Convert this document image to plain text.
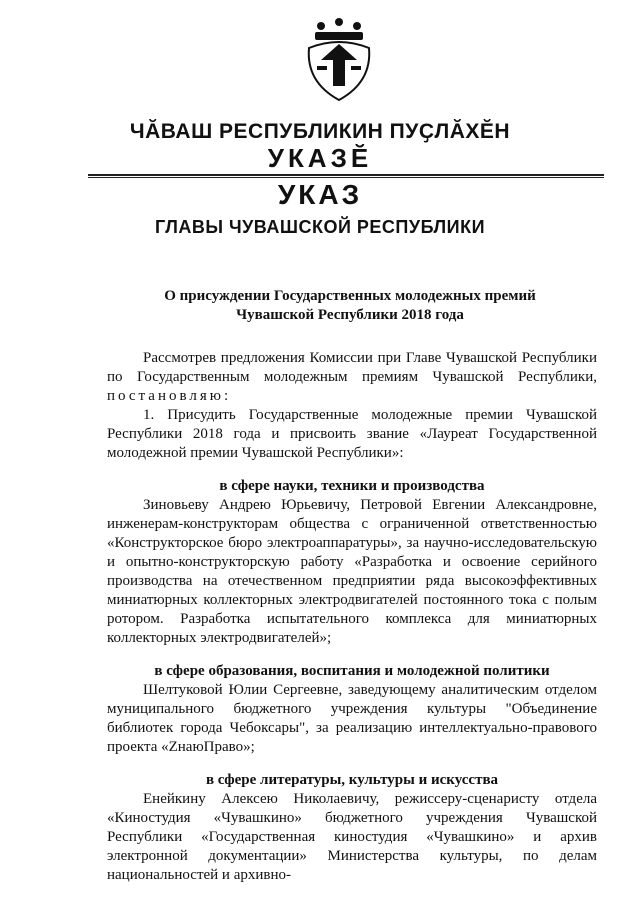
ЧӐВАШ РЕСПУБЛИКИН ПУҪЛӐХӖН
УКАЗӖ
УКАЗ
ГЛАВЫ ЧУВАШСКОЙ РЕСПУБЛИКИ
О присуждении Государственных молодежных премий
Чувашской Республики 2018 года

Рассмотрев предложения Комиссии при Главе Чувашской Республики по Государственным молодежным премиям Чувашской Республики, постановляю:

1. Присудить Государственные молодежные премии Чувашской Республики 2018 года и присвоить звание «Лауреат Государственной молодежной премии Чувашской Республики»:

в сфере науки, техники и производства

Зиновьеву Андрею Юрьевичу, Петровой Евгении Александровне, инженерам-конструкторам общества с ограниченной ответственностью «Конструкторское бюро электроаппаратуры», за научно-исследовательскую и опытно-конструкторскую работу «Разработка и освоение серийного производства на отечественном предприятии ряда высокоэффективных миниатюрных коллекторных электродвигателей постоянного тока с полым ротором. Разработка испытательного комплекса для миниатюрных коллекторных электродвигателей»;

в сфере образования, воспитания и молодежной политики

Шелтуковой Юлии Сергеевне, заведующему аналитическим отделом муниципального бюджетного учреждения культуры "Объединение библиотек города Чебоксары", за реализацию интеллектуально-правового проекта «ZнаюПраво»;

в сфере литературы, культуры и искусства

Енейкину Алексею Николаевичу, режиссеру-сценаристу отдела «Киностудия «Чувашкино» бюджетного учреждения Чувашской Республики «Государственная киностудия «Чувашкино» и архив электронной документации» Министерства культуры, по делам национальностей и архивно-
